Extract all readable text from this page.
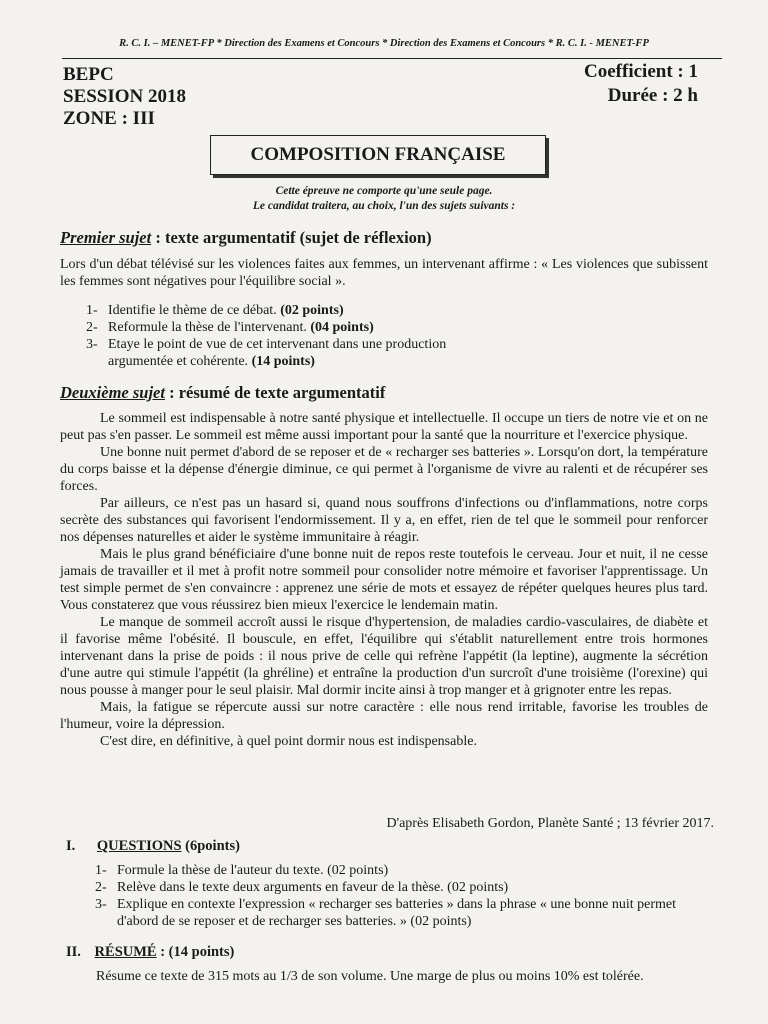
R. C. I. – MENET-FP * Direction des Examens et Concours * Direction des Examens et Concours * R. C. I. - MENET-FP
BEPC
SESSION 2018
ZONE : III
Coefficient : 1
Durée : 2 h
COMPOSITION FRANÇAISE
Cette épreuve ne comporte qu'une seule page.
Le candidat traitera, au choix, l'un des sujets suivants :
Premier sujet : texte argumentatif (sujet de réflexion)
Lors d'un débat télévisé sur les violences faites aux femmes, un intervenant affirme : « Les violences que subissent les femmes sont négatives pour l'équilibre social ».
1- Identifie le thème de ce débat. (02 points)
2- Reformule la thèse de l'intervenant. (04 points)
3- Etaye le point de vue de cet intervenant dans une production argumentée et cohérente. (14 points)
Deuxième sujet : résumé de texte argumentatif
Le sommeil est indispensable à notre santé physique et intellectuelle. Il occupe un tiers de notre vie et on ne peut pas s'en passer. Le sommeil est même aussi important pour la santé que la nourriture et l'exercice physique.
Une bonne nuit permet d'abord de se reposer et de « recharger ses batteries ». Lorsqu'on dort, la température du corps baisse et la dépense d'énergie diminue, ce qui permet à l'organisme de vivre au ralenti et de récupérer ses forces.
Par ailleurs, ce n'est pas un hasard si, quand nous souffrons d'infections ou d'inflammations, notre corps secrète des substances qui favorisent l'endormissement. Il y a, en effet, rien de tel que le sommeil pour renforcer nos dépenses naturelles et aider le système immunitaire à réagir.
Mais le plus grand bénéficiaire d'une bonne nuit de repos reste toutefois le cerveau. Jour et nuit, il ne cesse jamais de travailler et il met à profit notre sommeil pour consolider notre mémoire et favoriser l'apprentissage. Un test simple permet de s'en convaincre : apprenez une série de mots et essayez de répéter quelques heures plus tard. Vous constaterez que vous réussirez bien mieux l'exercice le lendemain matin.
Le manque de sommeil accroît aussi le risque d'hypertension, de maladies cardio-vasculaires, de diabète et il favorise même l'obésité. Il bouscule, en effet, l'équilibre qui s'établit naturellement entre trois hormones intervenant dans la prise de poids : il nous prive de celle qui refrène l'appétit (la leptine), augmente la sécrétion d'une autre qui stimule l'appétit (la ghréline) et entraîne la production d'un surcroît d'une troisième (l'orexine) qui nous pousse à manger pour le seul plaisir. Mal dormir incite ainsi à trop manger et à grignoter entre les repas.
Mais, la fatigue se répercute aussi sur notre caractère : elle nous rend irritable, favorise les troubles de l'humeur, voire la dépression.
C'est dire, en définitive, à quel point dormir nous est indispensable.
D'après Elisabeth Gordon, Planète Santé ; 13 février 2017.
I. QUESTIONS (6points)
1- Formule la thèse de l'auteur du texte. (02 points)
2- Relève dans le texte deux arguments en faveur de la thèse. (02 points)
3- Explique en contexte l'expression « recharger ses batteries » dans la phrase « une bonne nuit permet d'abord de se reposer et de recharger ses batteries. » (02 points)
II. RÉSUMÉ : (14 points)
Résume ce texte de 315 mots au 1/3 de son volume. Une marge de plus ou moins 10% est tolérée.
